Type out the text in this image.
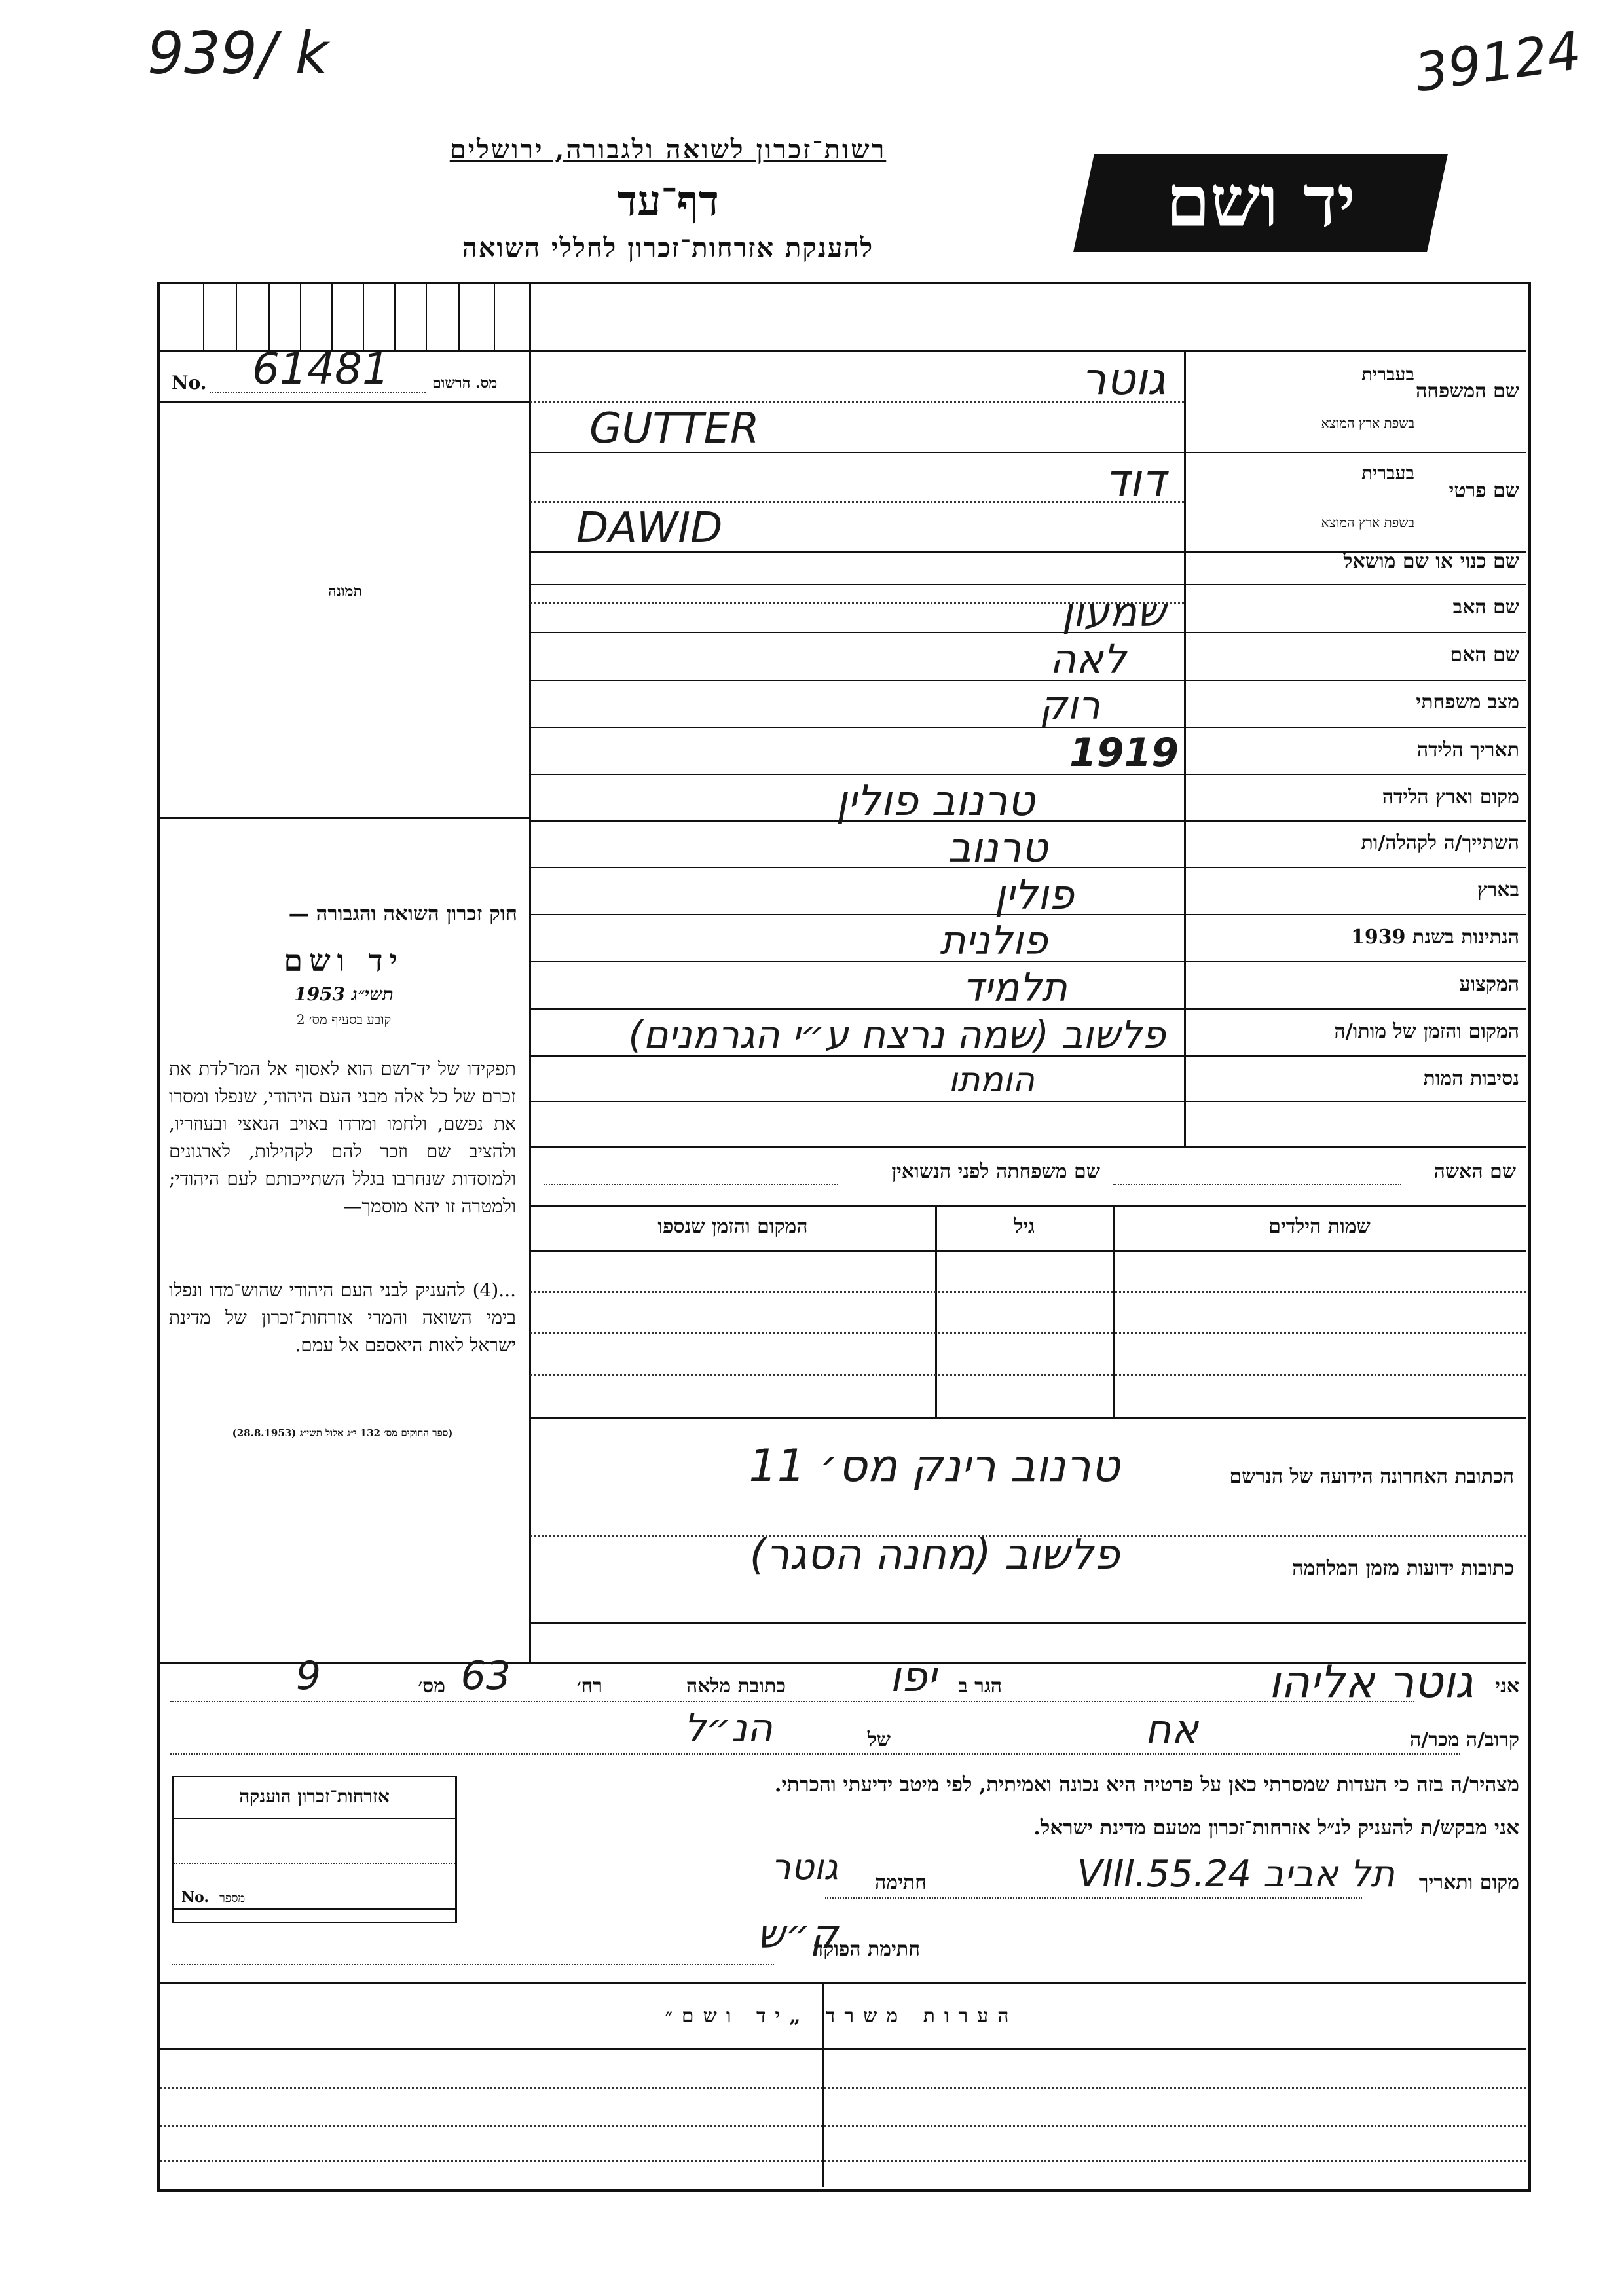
939/ k	39124
רשות־זכרון לשואה ולגבורה, ירושלים
דף־עד
להענקת אזרחות־זכרון לחללי השואה
יד ושם
No. 61481	מס. הרשום
תמונה
חוק זכרון השואה והגבורה —
יד ושם
תשי״ג 1953
קובע בסעיף מס׳ 2
תפקידו של יד־ושם הוא לאסוף אל המו־לדת את זכרם של כל אלה מבני העם היהודי, שנפלו ומסרו את נפשם, ולחמו ומרדו באויב הנאצי ובעוזריו, ולהציב שם וזכר להם לקהילות, לארגונים ולמוסדות שנחרבו בגלל השתייכותם לעם היהודי; ולמטרה זו יהא מוסמך—
...(4) להעניק לבני העם היהודי שהוש־מדו ונפלו בימי השואה והמרי אזרחות־זכרון של מדינת ישראל לאות היאספם אל עמם.
(ספר החוקים מס׳ 132 י״ג אלול תשי״ג (28.8.1953)
שם המשפחה
בעברית
בשפת ארץ המוצא
שם פרטי
בעברית
בשפת ארץ המוצא
שם כנוי או שם מושאל
שם האב
שם האם
מצב משפחתי
תאריך הלידה
מקום וארץ הלידה
השתייך/ה לקהלה/ות
בארץ
הנתינות בשנת 1939
המקצוע
המקום והזמן של מותו/ה
נסיבות המות
גוטר
GUTTER
דוד
DAWID
שמעון
לאה
רוק
1919
טרנוב פולין
טרנוב
פולין
פולנית
תלמיד
פלשוב (שמה נרצח ע״י הגרמנים)
הומתו
שם האשה
שם משפחתה לפני הנשואין
שמות הילדים
גיל
המקום והזמן שנספו
הכתובת האחרונה הידועה של הנרשם
טרנוב רינק מס׳ 11
כתובות ידועות מזמן המלחמה
פלשוב (מחנה הסגר)
אני
גוטר אליהו
הגר ב
יפו
כתובת מלאה
רח׳
63
מס׳
9
קרוב/ה מכר/ה
אח
של
הנ״ל
מצהיר/ה בזה כי העדות שמסרתי כאן על פרטיה היא נכונה ואמיתית, לפי מיטב ידיעתי והכרתי.
אני מבקש/ת להעניק לנ״ל אזרחות־זכרון מטעם מדינת ישראל.
מקום ותאריך
תל אביב 24.VIII.55
חתימה
גוטר
אזרחות־זכרון הוענקה
No. מספר
חתימת הפוקד
ק״ש
הערות משרד „יד ושם״
